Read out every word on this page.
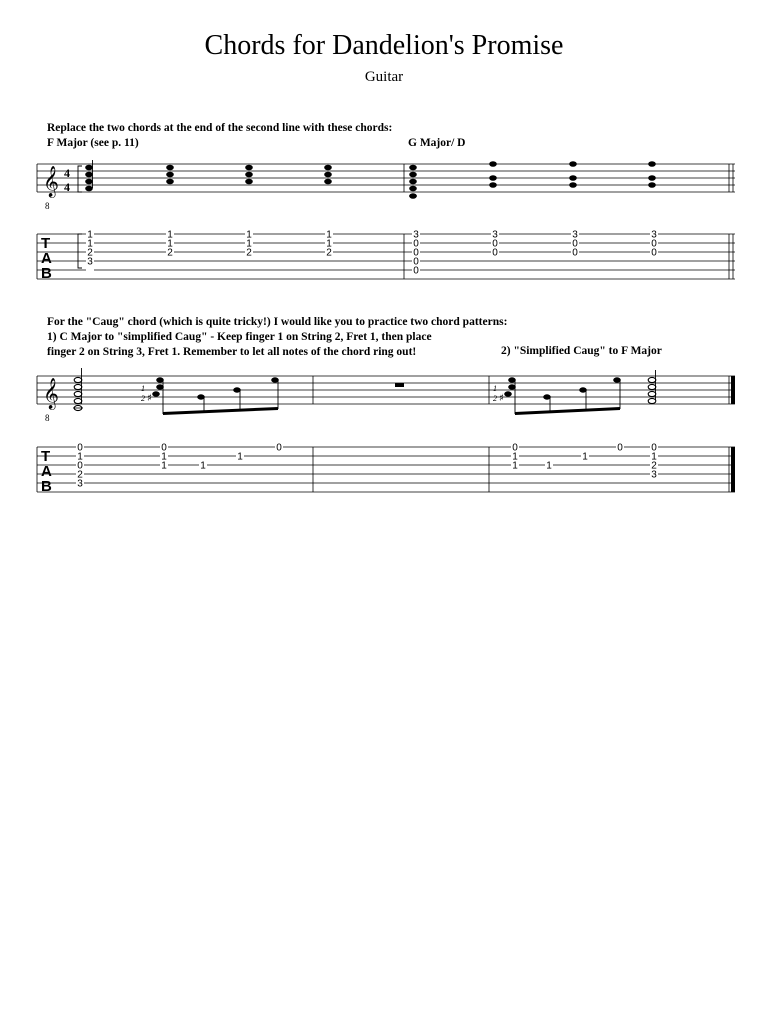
Chords for Dandelion's Promise
Guitar
Replace the two chords at the end of the second line with these chords:
F Major (see p. 11)	G Major/ D
For the "Caug" chord (which is quite tricky!) I would like you to practice two chord patterns:
1) C Major to "simplified Caug" - Keep finger 1 on String 2, Fret 1, then place
finger 2 on String 3, Fret 1. Remember to let all notes of the chord ring out!	2) "Simplified Caug" to F Major
𝄞
8
4
4
T
A
B
1
1
2
3
1
1
2
1
1
2
1
1
2
3
0
0
0
0
3
0
0
3
0
0
3
0
0
𝄞
8
1
2 ♯
1
2 ♯
T
A
B
0
1
0
2
3
0
1
1	1
1
0	0
1
1	1
1
0	0
1
2
3
